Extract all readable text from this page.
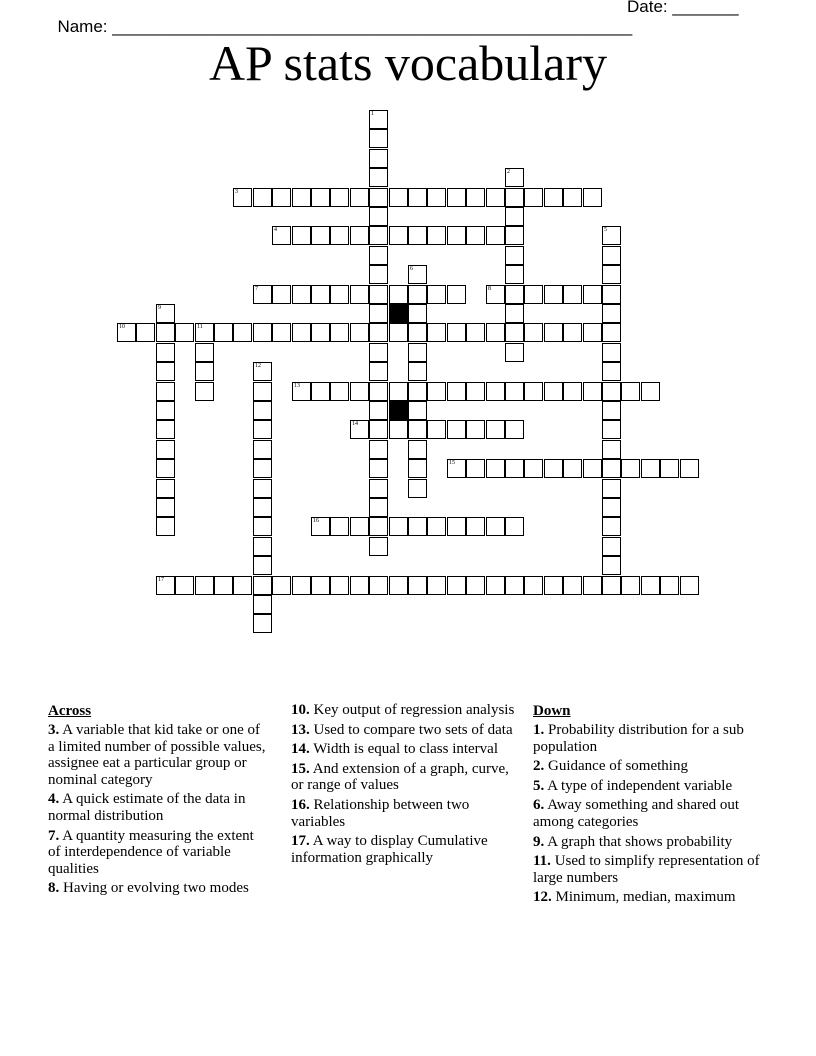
Name: _______________________________________________________

Date: _______

AP stats vocabulary
1
2
3
4	5
6
7	8
9
10	11
12
13
14
15
16
17
Across
3. A variable that kid take or one of a limited number of possible values, assignee eat a particular group or nominal category
4. A quick estimate of the data in normal distribution
7. A quantity measuring the extent of interdependence of variable qualities
8. Having or evolving two modes
10. Key output of regression analysis
13. Used to compare two sets of data
14. Width is equal to class interval
15. And extension of a graph, curve, or range of values
16. Relationship between two variables
17. A way to display Cumulative information graphically
Down
1. Probability distribution for a sub population
2. Guidance of something
5. A type of independent variable
6. Away something and shared out among categories
9. A graph that shows probability
11. Used to simplify representation of large numbers
12. Minimum, median, maximum
